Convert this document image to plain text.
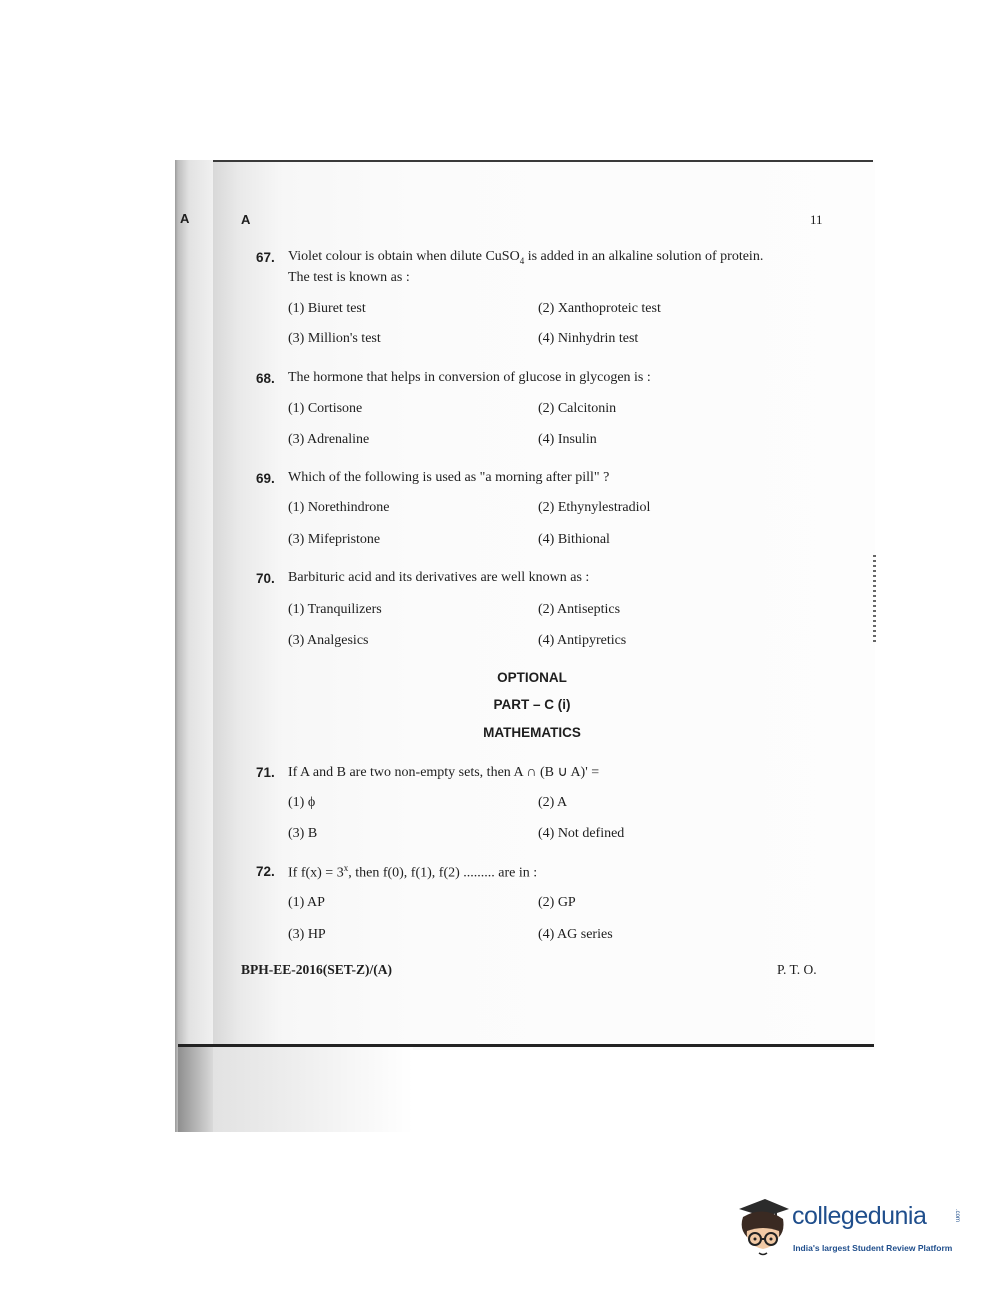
A	A	11
67. Violet colour is obtain when dilute CuSO$_4$ is added in an alkaline solution of protein.
The test is known as :
(1) Biuret test	(2) Xanthoproteic test
(3) Million's test	(4) Ninhydrin test
68. The hormone that helps in conversion of glucose in glycogen is :
(1) Cortisone	(2) Calcitonin
(3) Adrenaline	(4) Insulin
69. Which of the following is used as "a morning after pill" ?
(1) Norethindrone	(2) Ethynylestradiol
(3) Mifepristone	(4) Bithional
70. Barbituric acid and its derivatives are well known as :
(1) Tranquilizers	(2) Antiseptics
(3) Analgesics	(4) Antipyretics
OPTIONAL
PART – C (i)
MATHEMATICS
71. If A and B are two non-empty sets, then A ∩ (B ∪ A)' =
(1) ϕ	(2) A
(3) B	(4) Not defined
72. If $f(x) = 3^x$, then f(0), f(1), f(2) ......... are in :
(1) AP	(2) GP
(3) HP	(4) AG series
BPH-EE-2016(SET-Z)/(A)	P. T. O.
collegedunia	.com
India's largest Student Review Platform
